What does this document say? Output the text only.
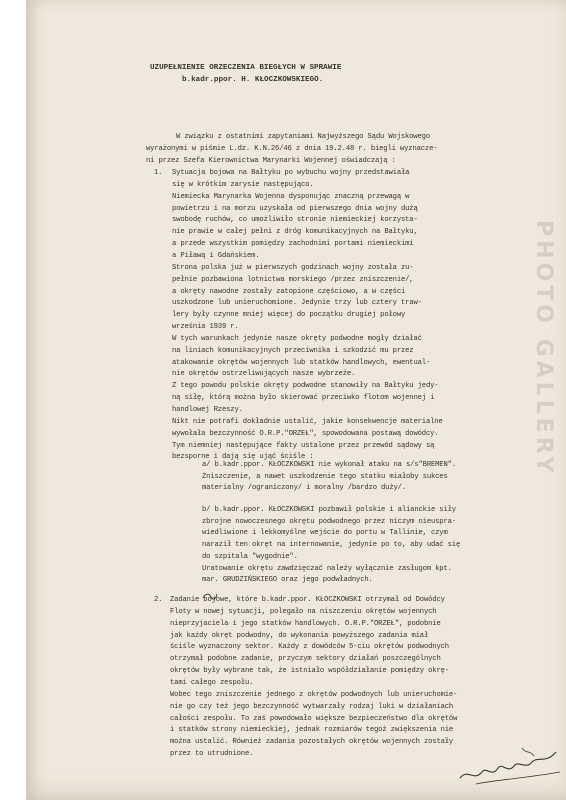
UZUPEŁNIENIE ORZECZENIA BIEGŁYCH W SPRAWIE
b.kadr.ppor. H. KŁOCZKOWSKIEGO.
W związku z ostatnimi zapytaniami Najwyższego Sądu Wojskowego
wyrażonymi w piśmie L.dz. K.N.26/46 z dnia 19.2.48 r. biegli wyznacze-
ni przez Szefa Kierownictwa Marynarki Wojennej oświadczają :
1. Sytuacja bojowa na Bałtyku po wybuchu wojny przedstawiała
się w krótkim zarysie następująco.
Niemiecka Marynarka Wojenna dysponując znaczną przewagą w
powietrzu i na morzu uzyskała od pierwszego dnia wojny dużą
swobodę ruchów, co umożliwiło stronie niemieckiej korzysta-
nie prawie w całej pełni z dróg komunikacyjnych na Bałtyku,
a przede wszystkim pomiędzy zachodnimi portami niemieckimi
a Piławą i Gdańskiem.
Strona polska już w pierwszych godzinach wojny została zu-
pełnie pozbawiona lotnictwa morskiego /przez zniszczenie/,
a okręty nawodne zostały zatopione częściowo, a w części
uszkodzone lub unieruchomione. Jedynie trzy lub cztery traw-
lery były czynne mniej więcej do początku drugiej połowy
września 1939 r.
W tych warunkach jedynie nasze okręty podwodne mogły działać
na liniach komunikacyjnych przeciwnika i szkodzić mu przez
atakowanie okrętów wojennych lub statków handlowych, ewentual-
nie okrętów ostrzeliwujących nasze wybrzeże.
Z tego powodu polskie okręty podwodne stanowiły na Bałtyku jedy-
ną siłę, którą można było skierować przeciwko flotom wojennej i
handlowej Rzeszy.
Nikt nie potrafi dokładnie ustalić, jakie konsekwencje materialne
wywołała bezczynność O.R.P."ORZEŁ", spowodowana postawą dowódcy.
Tym niemniej następujące fakty ustalone przez przewód sądowy są
bezsporne i dają się ująć ściśle :
a/ b.kadr.ppor. KŁOCZKOWSKI nie wykonał ataku na s/s"BREMEN".
Zniszczenie, a nawet uszkodzenie tego statku miałoby sukces
materialny /ograniczony/ i moralny /bardzo duży/.
b/ b.kadr.ppor. KŁOCZKOWSKI pozbawił polskie i alianckie siły
zbrojne nowoczesnego okrętu podwodnego przez niczym nieuspra-
wiedliwione i lekkomyślne wejście do portu w Tallinie, czym
naraził ten okręt na internowanie, jedynie po to, aby udać się
do szpitala "wygodnie".
Uratowanie okrętu zawdzięczać należy wyłącznie zasługom kpt.
mar. GRUDZIŃSKIEGO oraz jego podwładnych.
2. Zadanie bojowe, które b.kadr.ppor. KŁOCZKOWSKI otrzymał od Dowódcy
Floty w nowej sytuacji, polegało na niszczeniu okrętów wojennych
nieprzyjaciela i jego statków handlowych. O.R.P."ORZEŁ", podobnie
jak każdy okręt podwodny, do wykonania powyższego zadania miał
ściśle wyznaczony sektor. Każdy z dowódców 5-ciu okrętów podwodnych
otrzymał podobne zadanie, przyczym sektory działań poszczególnych
okrętów były wybrane tak, że istniało współdziałanie pomiędzy okrę-
tami całego zespołu.
Wobec tego zniszczenie jednego z okrętów podwodnych lub unieruchomie-
nie go czy też jego bezczynność wytwarzały rodzaj luki w działaniach
całości zespołu. To zaś powodowało większe bezpieczeństwo dla okrętów
i statków strony niemieckiej, jednak rozmiarów tegoż zwiększenia nie
można ustalić. Również zadania pozostałych okrętów wojennych zostały
przez to utrudnione.
PHOTO GALLERY
